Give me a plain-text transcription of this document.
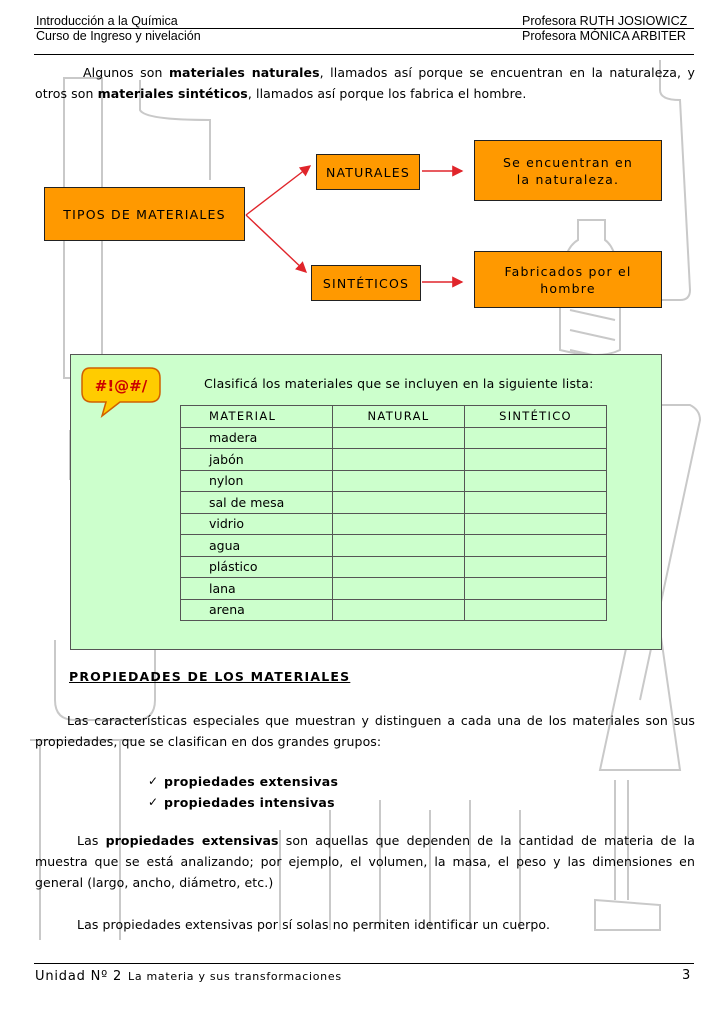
Introducción a la Química
Curso de Ingreso y nivelación
Profesora RUTH JOSIOWICZ
Profesora MÓNICA ARBITER

Algunos son materiales naturales, llamados así porque se encuentran en la naturaleza, y otros son materiales sintéticos, llamados así porque los fabrica el hombre.

TIPOS DE MATERIALES
NATURALES
Se encuentran en la naturaleza.
SINTÉTICOS
Fabricados por el hombre
#!@#/	Clasificá los materiales que se incluyen en la siguiente lista:
MATERIAL	NATURAL	SINTÉTICO
madera		
jabón		
nylon		
sal de mesa		
vidrio		
agua		
plástico		
lana		
arena		
PROPIEDADES DE LOS MATERIALES

Las características especiales que muestran y distinguen a cada una de los materiales son sus propiedades, que se clasifican en dos grandes grupos:

✓ propiedades extensivas
✓ propiedades intensivas

Las propiedades extensivas son aquellas que dependen de la cantidad de materia de la muestra que se está analizando; por ejemplo, el volumen, la masa, el peso y las dimensiones en general (largo, ancho, diámetro, etc.)

Las propiedades extensivas por sí solas no permiten identificar un cuerpo.

Unidad Nº 2 La materia y sus transformaciones	3
